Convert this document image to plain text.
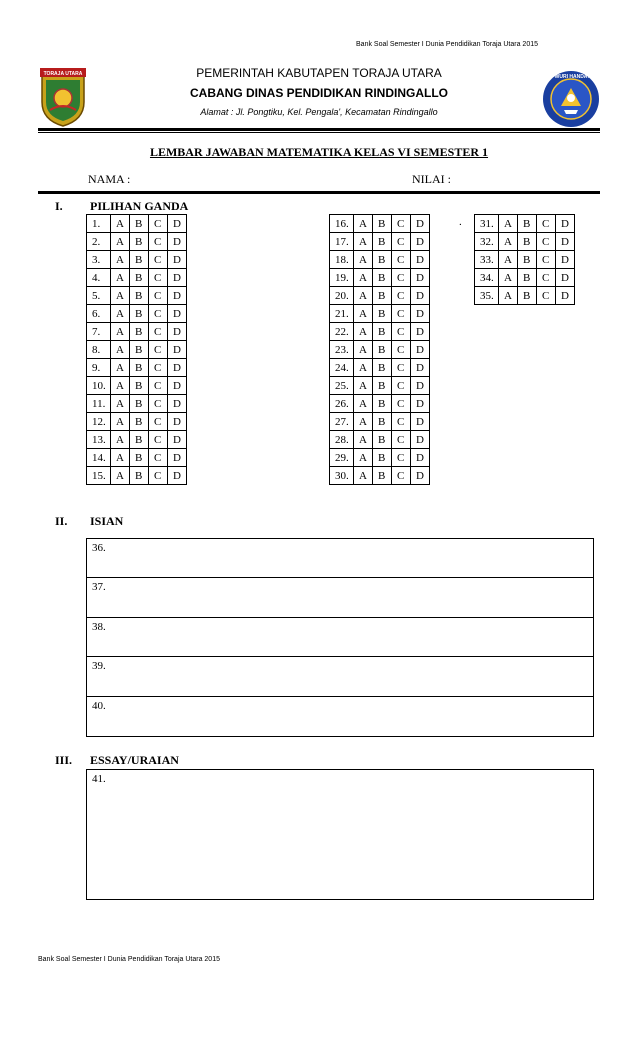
Bank Soal Semester I Dunia Pendidikan Toraja Utara 2015
TORAJA UTARA	PEMERINTAH KABUTAPEN TORAJA UTARA
CABANG DINAS PENDIDIKAN RINDINGALLO
Alamat : Jl. Pongtiku, Kel. Pengala', Kecamatan Rindingallo
TUT WURI HANDAYANI
LEMBAR JAWABAN MATEMATIKA KELAS VI SEMESTER 1
NAMA :	NILAI :
I. PILIHAN GANDA
1.	A	B	C	D
2.	A	B	C	D
3.	A	B	C	D
4.	A	B	C	D
5.	A	B	C	D
6.	A	B	C	D
7.	A	B	C	D
8.	A	B	C	D
9.	A	B	C	D
10.	A	B	C	D
11.	A	B	C	D
12.	A	B	C	D
13.	A	B	C	D
14.	A	B	C	D
15.	A	B	C	D
16.	A	B	C	D
17.	A	B	C	D
18.	A	B	C	D
19.	A	B	C	D
20.	A	B	C	D
21.	A	B	C	D
22.	A	B	C	D
23.	A	B	C	D
24.	A	B	C	D
25.	A	B	C	D
26.	A	B	C	D
27.	A	B	C	D
28.	A	B	C	D
29.	A	B	C	D
30.	A	B	C	D
31.	A	B	C	D
32.	A	B	C	D
33.	A	B	C	D
34.	A	B	C	D
35.	A	B	C	D
.
II. ISIAN
36.
37.
38.
39.
40.
III. ESSAY/URAIAN
41.
Bank Soal Semester I Dunia Pendidikan Toraja Utara 2015
